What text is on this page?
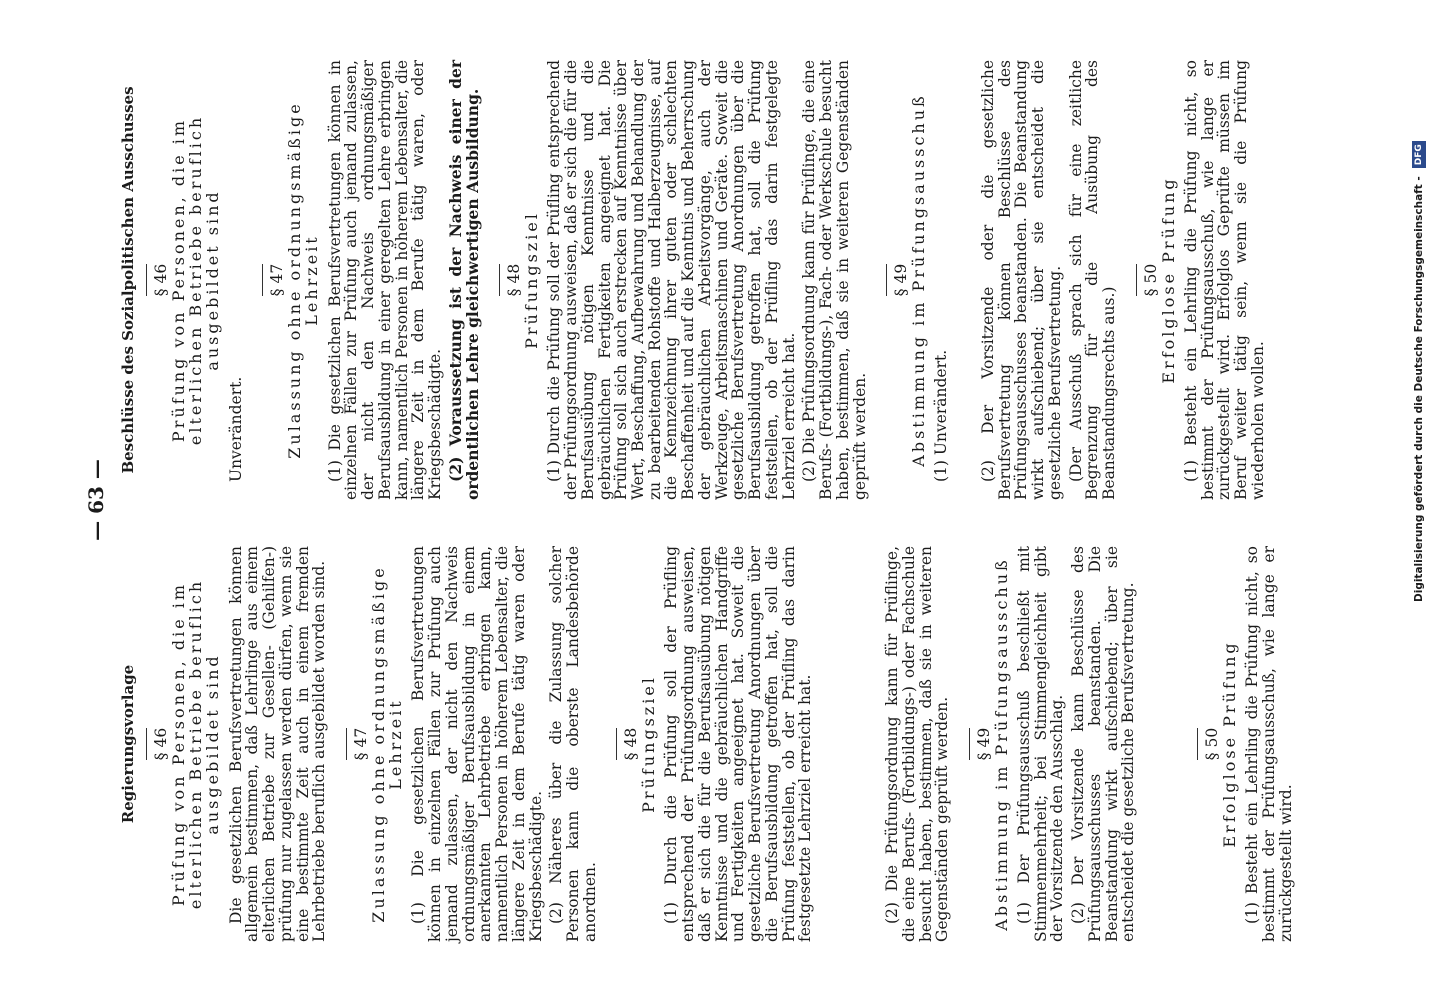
— 63 —
Regierungsvorlage § 46
Prüfung von Personen, die im elterlichen Betriebe beruflich ausgebildet sind Die gesetzlichen Berufsvertretungen können allgemein bestimmen, daß Lehrlinge aus einem elterlichen Betriebe zur Gesellen- (Gehilfen-) prüfung nur zugelassen werden dürfen, wenn sie eine bestimmte Zeit auch in einem fremden Lehrbetriebe beruflich ausgebildet worden sind.	§ 47
Zulassung ohne ordnungsmäßige Lehrzeit (1) Die gesetzlichen Berufsvertretungen können in einzelnen Fällen zur Prüfung auch jemand zulassen, der nicht den Nachweis ordnungsmäßiger Berufsausbildung in einem anerkannten Lehrbetriebe erbringen kann, namentlich Personen in höherem Lebensalter, die längere Zeit in dem Berufe tätig waren oder Kriegsbeschädigte. (2) Näheres über die Zulassung solcher Personen kann die oberste Landesbehörde anordnen.

§ 48
Prüfungsziel (1) Durch die Prüfung soll der Prüfling entsprechend der Prüfungsordnung ausweisen, daß er sich die für die Berufsausübung nötigen Kenntnisse und die gebräuchlichen Handgriffe und Fertigkeiten angeeignet hat. Soweit die gesetzliche Berufsvertretung Anordnungen über die Berufsausbildung getroffen hat, soll die Prüfung feststellen, ob der Prüfling das darin festgesetzte Lehrziel erreicht hat.	(2) Die Prüfungsordnung kann für Prüflinge, die eine Berufs- (Fortbildungs-) oder Fachschule besucht haben, bestimmen, daß sie in weiteren Gegenständen geprüft werden.	§ 49
Abstimmung im Prüfungsausschuß (1) Der Prüfungsausschuß beschließt mit Stimmenmehrheit; bei Stimmengleichheit gibt der Vorsitzende den Ausschlag. (2) Der Vorsitzende kann Beschlüsse des Prüfungsausschusses beanstanden. Die Beanstandung wirkt aufschiebend; über sie entscheidet die gesetzliche Berufsvertretung.	§ 50
Erfolglose Prüfung (1) Besteht ein Lehrling die Prüfung nicht, so bestimmt der Prüfungsausschuß, wie lange er zurückgestellt wird.

Beschlüsse des Sozialpolitischen Ausschusses § 46
Prüfung von Personen, die im elterlichen Betriebe beruflich ausgebildet sind

Unverändert.

§ 47
Zulassung ohne ordnungsmäßige Lehrzeit (1) Die gesetzlichen Berufsvertretungen können in einzelnen Fällen zur Prüfung auch jemand zulassen, der nicht den Nachweis ordnungsmäßiger Berufsausbildung in einer geregelten Lehre erbringen kann, namentlich Personen in höherem Lebensalter, die längere Zeit in dem Berufe tätig waren, oder Kriegsbeschädigte. (2) Voraussetzung ist der Nachweis einer der ordentlichen Lehre gleichwertigen Ausbildung.	§ 48
Prüfungsziel (1) Durch die Prüfung soll der Prüfling entsprechend der Prüfungsordnung ausweisen, daß er sich die für die Berufsausübung nötigen Kenntnisse und die gebräuchlichen Fertigkeiten angeeignet hat. Die Prüfung soll sich auch erstrecken auf Kenntnisse über Wert, Beschaffung, Aufbewahrung und Behandlung der zu bearbeitenden Rohstoffe und Halberzeugnisse, auf die Kennzeichnung ihrer guten oder schlechten Beschaffenheit und auf die Kenntnis und Beherrschung der gebräuchlichen Arbeitsvorgänge, auch der Werkzeuge, Arbeitsmaschinen und Geräte. Soweit die gesetzliche Berufsvertretung Anordnungen über die Berufsausbildung getroffen hat, soll die Prüfung feststellen, ob der Prüfling das darin festgelegte Lehrziel erreicht hat. (2) Die Prüfungsordnung kann für Prüflinge, die eine Berufs- (Fortbildungs-), Fach- oder Werkschule besucht haben, bestimmen, daß sie in weiteren Gegenständen geprüft werden.

§ 49
Abstimmung im Prüfungsausschuß (1) Unverändert. (2) Der Vorsitzende oder die gesetzliche Berufsvertretung können Beschlüsse des Prüfungsausschusses beanstanden. Die Beanstandung wirkt aufschiebend; über sie entscheidet die gesetzliche Berufsvertretung. (Der Ausschuß sprach sich für eine zeitliche Begrenzung für die Ausübung des Beanstandungsrechts aus.)

§ 50
Erfolglose Prüfung (1) Besteht ein Lehrling die Prüfung nicht, so bestimmt der Prüfungsausschuß, wie lange er zurückgestellt wird. Erfolglos Geprüfte müssen im Beruf weiter tätig sein, wenn sie die Prüfung wiederholen wollen.	Digitalisierung gefördert durch die Deutsche Forschungsgemeinschaft -
DFG
